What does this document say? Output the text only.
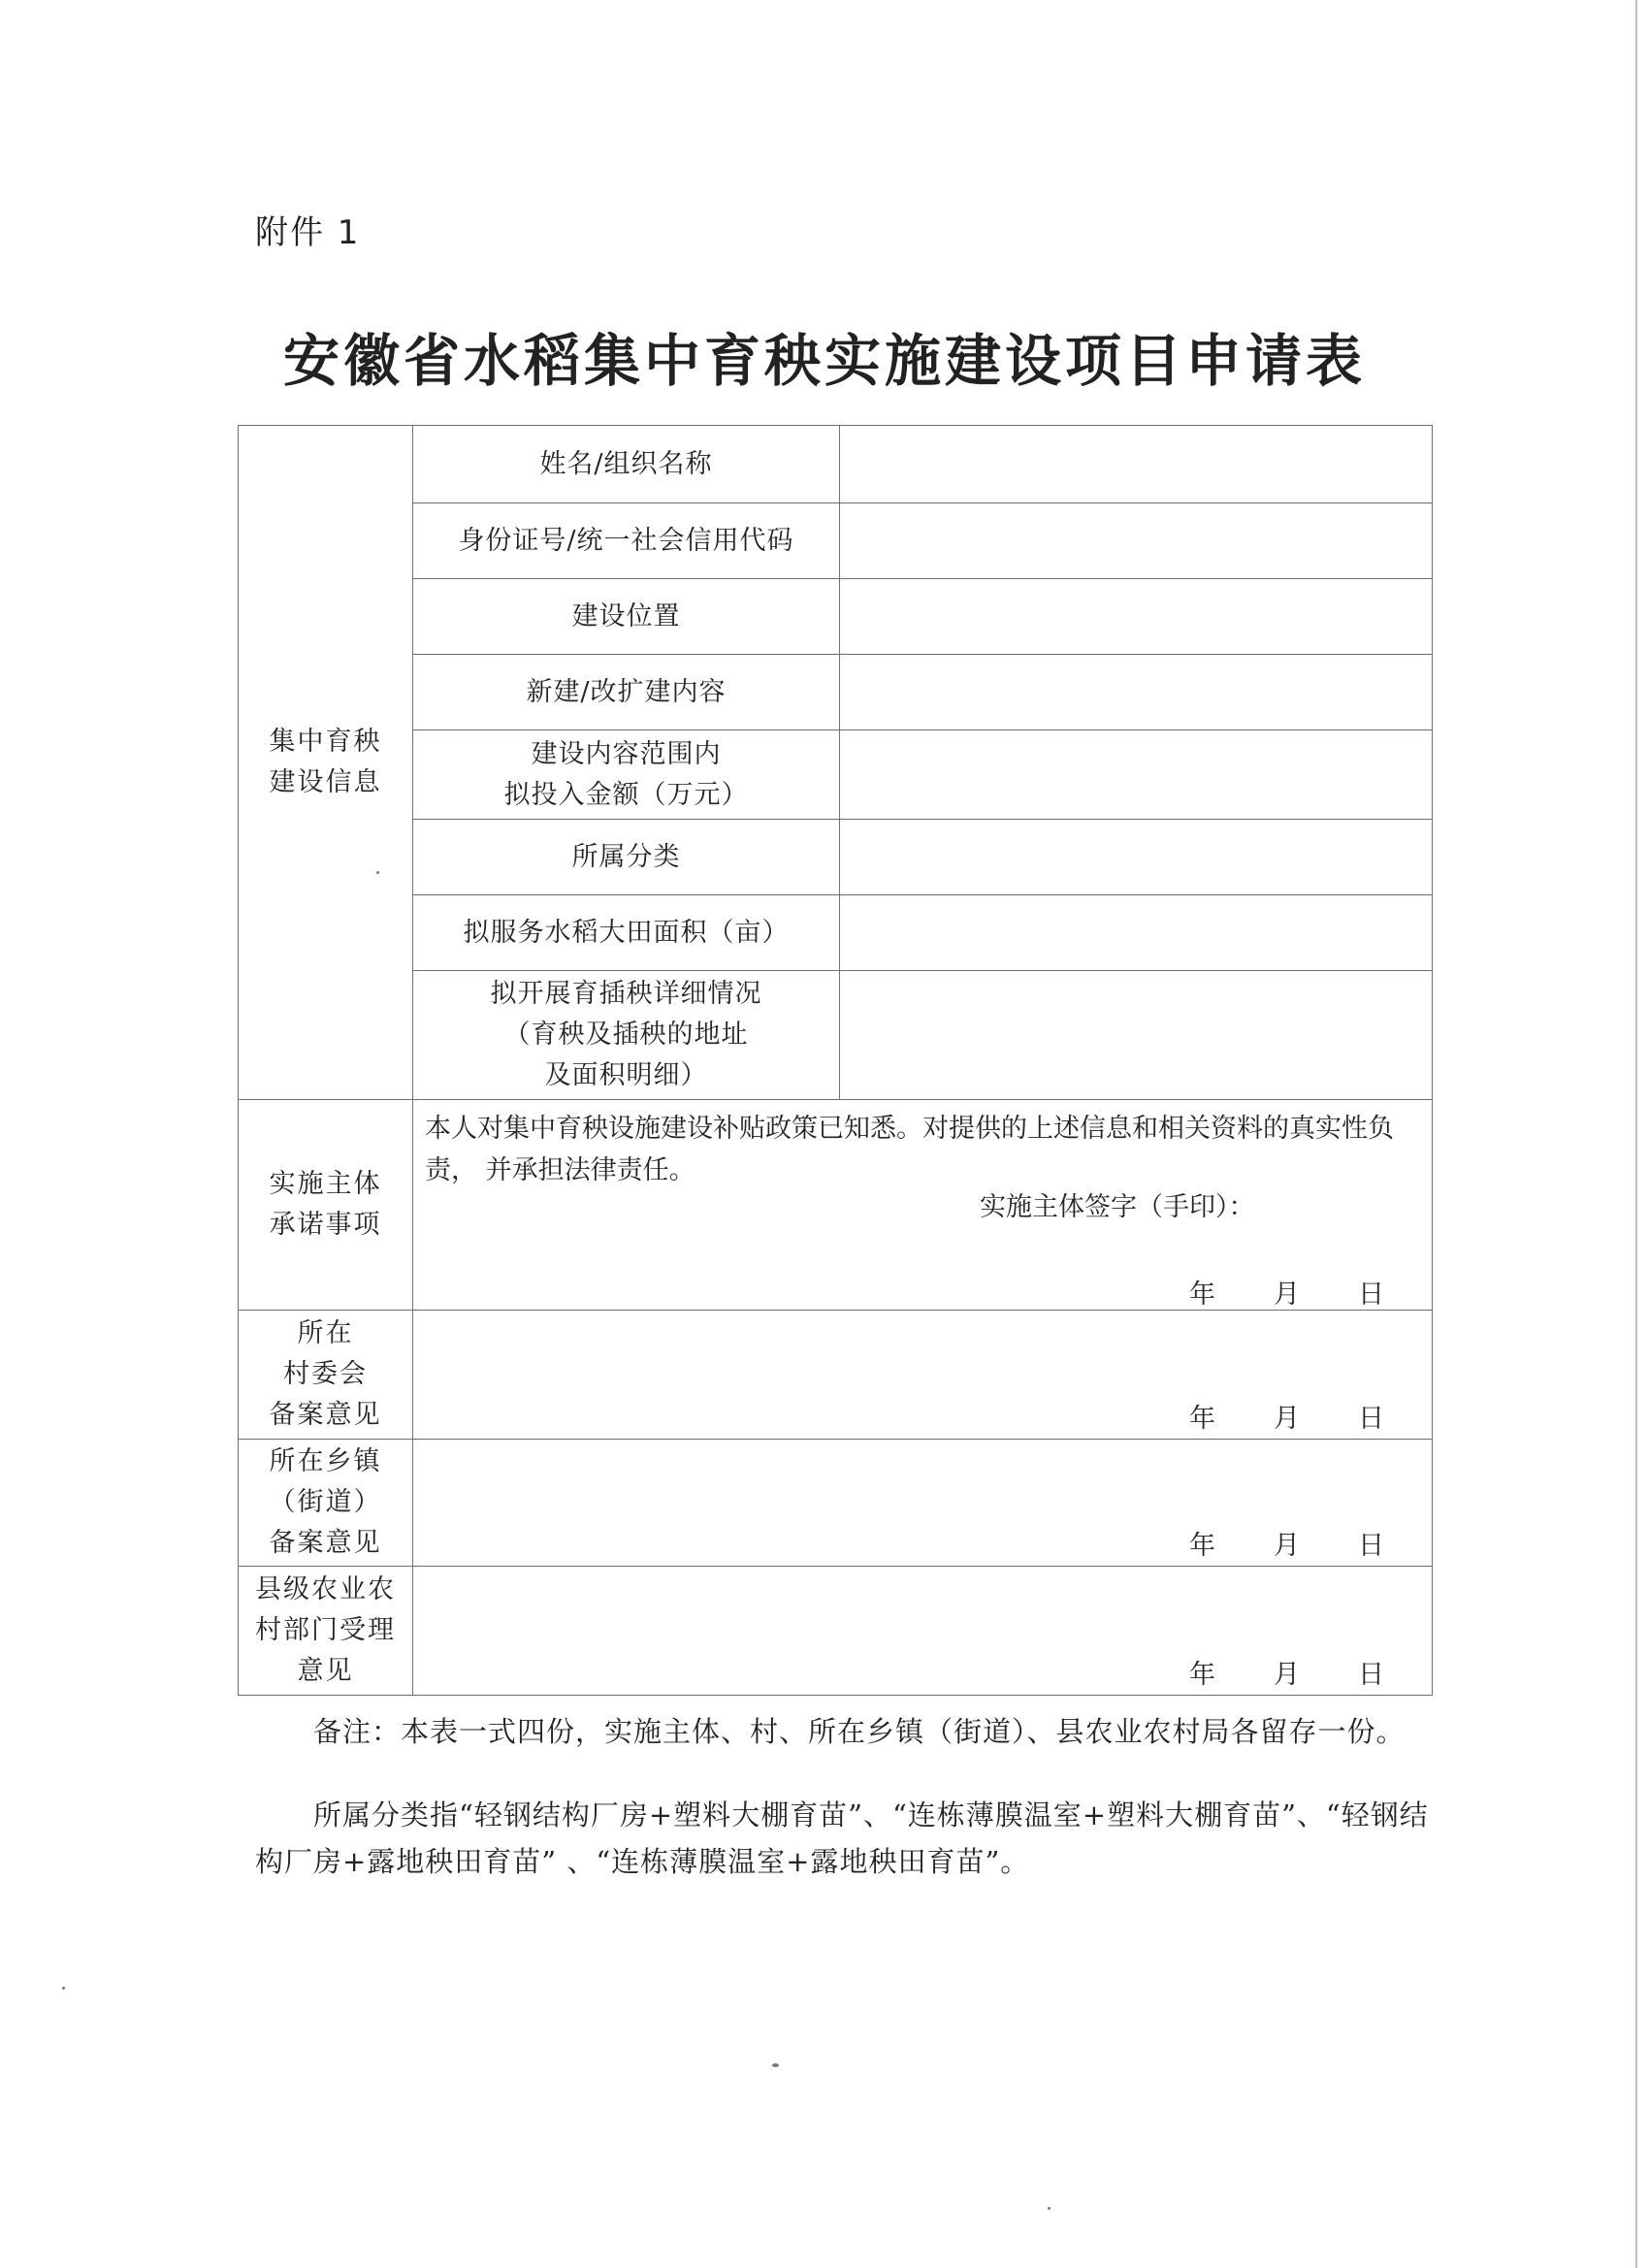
附件 1
安徽省水稻集中育秧实施建设项目申请表
集中育秧
建设信息	姓名/组织名称	
	身份证号/统一社会信用代码	
	建设位置	
	新建/改扩建内容	
	建设内容范围内
拟投入金额（万元）	
	所属分类	
	拟服务水稻大田面积（亩）	
	拟开展育插秧详细情况
（育秧及插秧的地址
及面积明细）	
实施主体
承诺事项	本人对集中育秧设施建设补贴政策已知悉。对提供的上述信息和相关资料的真实性负责， 并承担法律责任。
实施主体签字（手印）：
年　　月　　日	

所在
村委会
备案意见	年　　月　　日	

所在乡镇
（街道）
备案意见	年　　月　　日	

县级农业农
村部门受理
意见	年　　月　　日	
备注：本表一式四份，实施主体、村、所在乡镇（街道）、县农业农村局各留存一份。
所属分类指“轻钢结构厂房+塑料大棚育苗”、“连栋薄膜温室+塑料大棚育苗”、“轻钢结构厂房+露地秧田育苗” 、“连栋薄膜温室+露地秧田育苗”。
